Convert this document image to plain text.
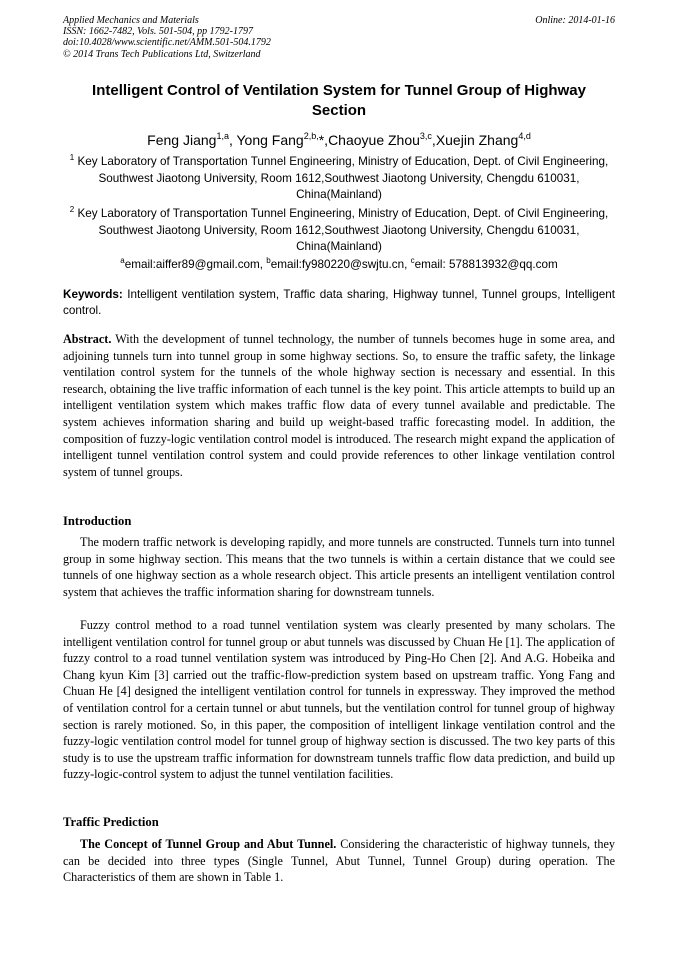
Applied Mechanics and Materials
ISSN: 1662-7482, Vols. 501-504, pp 1792-1797
doi:10.4028/www.scientific.net/AMM.501-504.1792
© 2014 Trans Tech Publications Ltd, Switzerland
Online: 2014-01-16
Intelligent Control of Ventilation System for Tunnel Group of Highway Section
Feng Jiang$^{1,a}$, Yong Fang$^{2,b,}$*,Chaoyue Zhou$^{3,c}$,Xuejin Zhang$^{4,d}$
$^1$ Key Laboratory of Transportation Tunnel Engineering, Ministry of Education, Dept. of Civil Engineering, Southwest Jiaotong University, Room 1612,Southwest Jiaotong University, Chengdu 610031, China(Mainland)
$^2$ Key Laboratory of Transportation Tunnel Engineering, Ministry of Education, Dept. of Civil Engineering, Southwest Jiaotong University, Room 1612,Southwest Jiaotong University, Chengdu 610031, China(Mainland)
$^a$email:aiffer89@gmail.com, $^b$email:fy980220@swjtu.cn, $^c$email: 578813932@qq.com
Keywords: Intelligent ventilation system, Traffic data sharing, Highway tunnel, Tunnel groups, Intelligent control.
Abstract. With the development of tunnel technology, the number of tunnels becomes huge in some area, and adjoining tunnels turn into tunnel group in some highway sections. So, to ensure the traffic safety, the linkage ventilation control system for the tunnels of the whole highway section is necessary and essential. In this research, obtaining the live traffic information of each tunnel is the key point. This article attempts to build up an intelligent ventilation system which makes traffic flow data of every tunnel available and predictable. The system achieves information sharing and build up weight-based traffic forecasting model. In addition, the composition of fuzzy-logic ventilation control model is introduced. The research might expand the application of intelligent tunnel ventilation control system and could provide references to other linkage ventilation control system of tunnel groups.
Introduction
The modern traffic network is developing rapidly, and more tunnels are constructed. Tunnels turn into tunnel group in some highway section. This means that the two tunnels is within a certain distance that we could see tunnels of one highway section as a whole research object. This article presents an intelligent ventilation control system that achieves the traffic information sharing for downstream tunnels.
Fuzzy control method to a road tunnel ventilation system was clearly presented by many scholars. The intelligent ventilation control for tunnel group or abut tunnels was discussed by Chuan He [1]. The application of fuzzy control to a road tunnel ventilation system was introduced by Ping-Ho Chen [2]. And A.G. Hobeika and Chang kyun Kim [3] carried out the traffic-flow-prediction system based on upstream traffic. Yong Fang and Chuan He [4] designed the intelligent ventilation control for tunnels in expressway. They improved the method of ventilation control for a certain tunnel or abut tunnels, but the ventilation control for tunnel group of highway section is rarely motioned. So, in this paper, the composition of intelligent linkage ventilation control and the fuzzy-logic ventilation control model for tunnel group of highway section is discussed. The two key parts of this study is to use the upstream traffic information for downstream tunnels traffic flow data prediction, and build up fuzzy-logic-control system to adjust the tunnel ventilation facilities.
Traffic Prediction
The Concept of Tunnel Group and Abut Tunnel. Considering the characteristic of highway tunnels, they can be decided into three types (Single Tunnel, Abut Tunnel, Tunnel Group) during operation. The Characteristics of them are shown in Table 1.
